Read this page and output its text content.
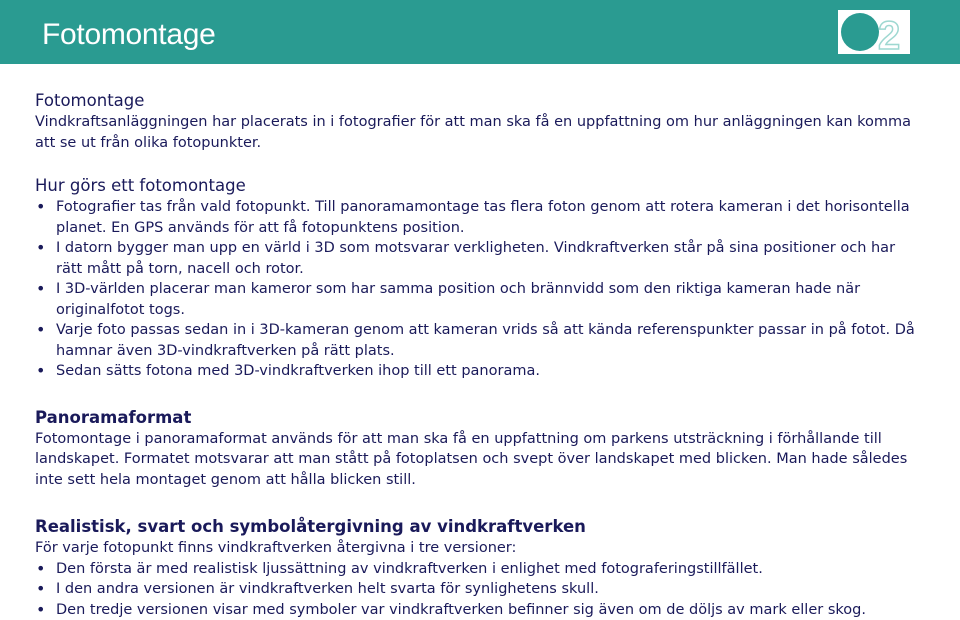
Fotomontage	2

Fotomontage

Vindkraftsanläggningen har placerats in i fotografier för att man ska få en uppfattning om hur anläggningen kan komma att se ut från olika fotopunkter.

Hur görs ett fotomontage

• Fotografier tas från vald fotopunkt. Till panoramamontage tas flera foton genom att rotera kameran i det horisontella planet. En GPS används för att få fotopunktens position.
• I datorn bygger man upp en värld i 3D som motsvarar verkligheten. Vindkraftverken står på sina positioner och har rätt mått på torn, nacell och rotor.
• I 3D-världen placerar man kameror som har samma position och brännvidd som den riktiga kameran hade när originalfotot togs.
• Varje foto passas sedan in i 3D-kameran genom att kameran vrids så att kända referenspunkter passar in på fotot. Då hamnar även 3D-vindkraftverken på rätt plats.
• Sedan sätts fotona med 3D-vindkraftverken ihop till ett panorama.

Panoramaformat

Fotomontage i panoramaformat används för att man ska få en uppfattning om parkens utsträckning i förhållande till landskapet. Formatet motsvarar att man stått på fotoplatsen och svept över landskapet med blicken. Man hade således inte sett hela montaget genom att hålla blicken still.

Realistisk, svart och symbolåtergivning av vindkraftverken

För varje fotopunkt finns vindkraftverken återgivna i tre versioner:

• Den första är med realistisk ljussättning av vindkraftverken i enlighet med fotograferingstillfället.
• I den andra versionen är vindkraftverken helt svarta för synlighetens skull.
• Den tredje versionen visar med symboler var vindkraftverken befinner sig även om de döljs av mark eller skog.
